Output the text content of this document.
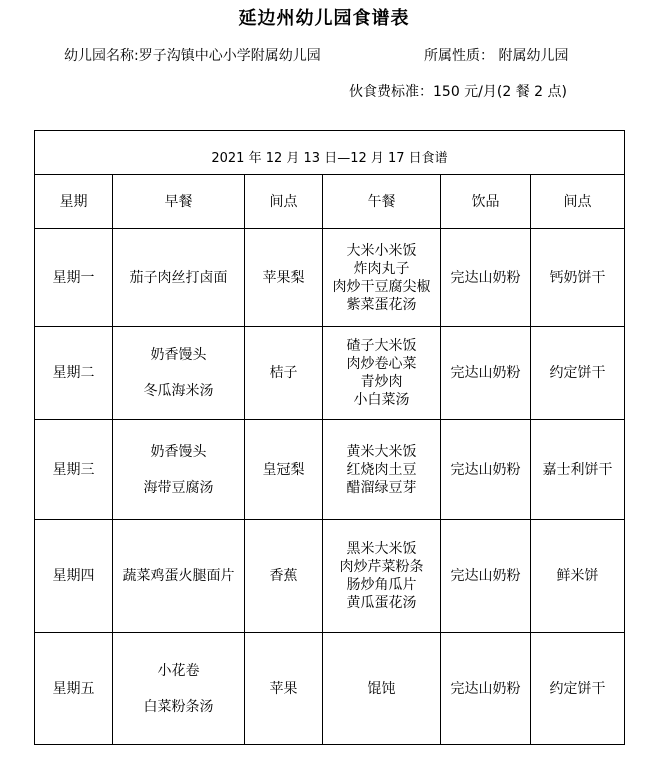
延边州幼儿园食谱表
幼儿园名称:罗子沟镇中心小学附属幼儿园	所属性质： 附属幼儿园
伙食费标准：150 元/月(2 餐 2 点)
2021 年 12 月 13 日—12 月 17 日食谱					
星期	早餐	间点	午餐	饮品	间点
星期一	茄子肉丝打卤面	苹果梨	大米小米饭
炸肉丸子
肉炒干豆腐尖椒
紫菜蛋花汤	完达山奶粉	钙奶饼干
星期二	奶香馒头
冬瓜海米汤	桔子	碴子大米饭
肉炒卷心菜
青炒肉
小白菜汤	完达山奶粉	约定饼干
星期三	奶香馒头
海带豆腐汤	皇冠梨	黄米大米饭
红烧肉土豆
醋溜绿豆芽	完达山奶粉	嘉士利饼干
星期四	蔬菜鸡蛋火腿面片	香蕉	黑米大米饭
肉炒芹菜粉条
肠炒角瓜片
黄瓜蛋花汤	完达山奶粉	鲜米饼
星期五	小花卷
白菜粉条汤	苹果	馄饨	完达山奶粉	约定饼干
